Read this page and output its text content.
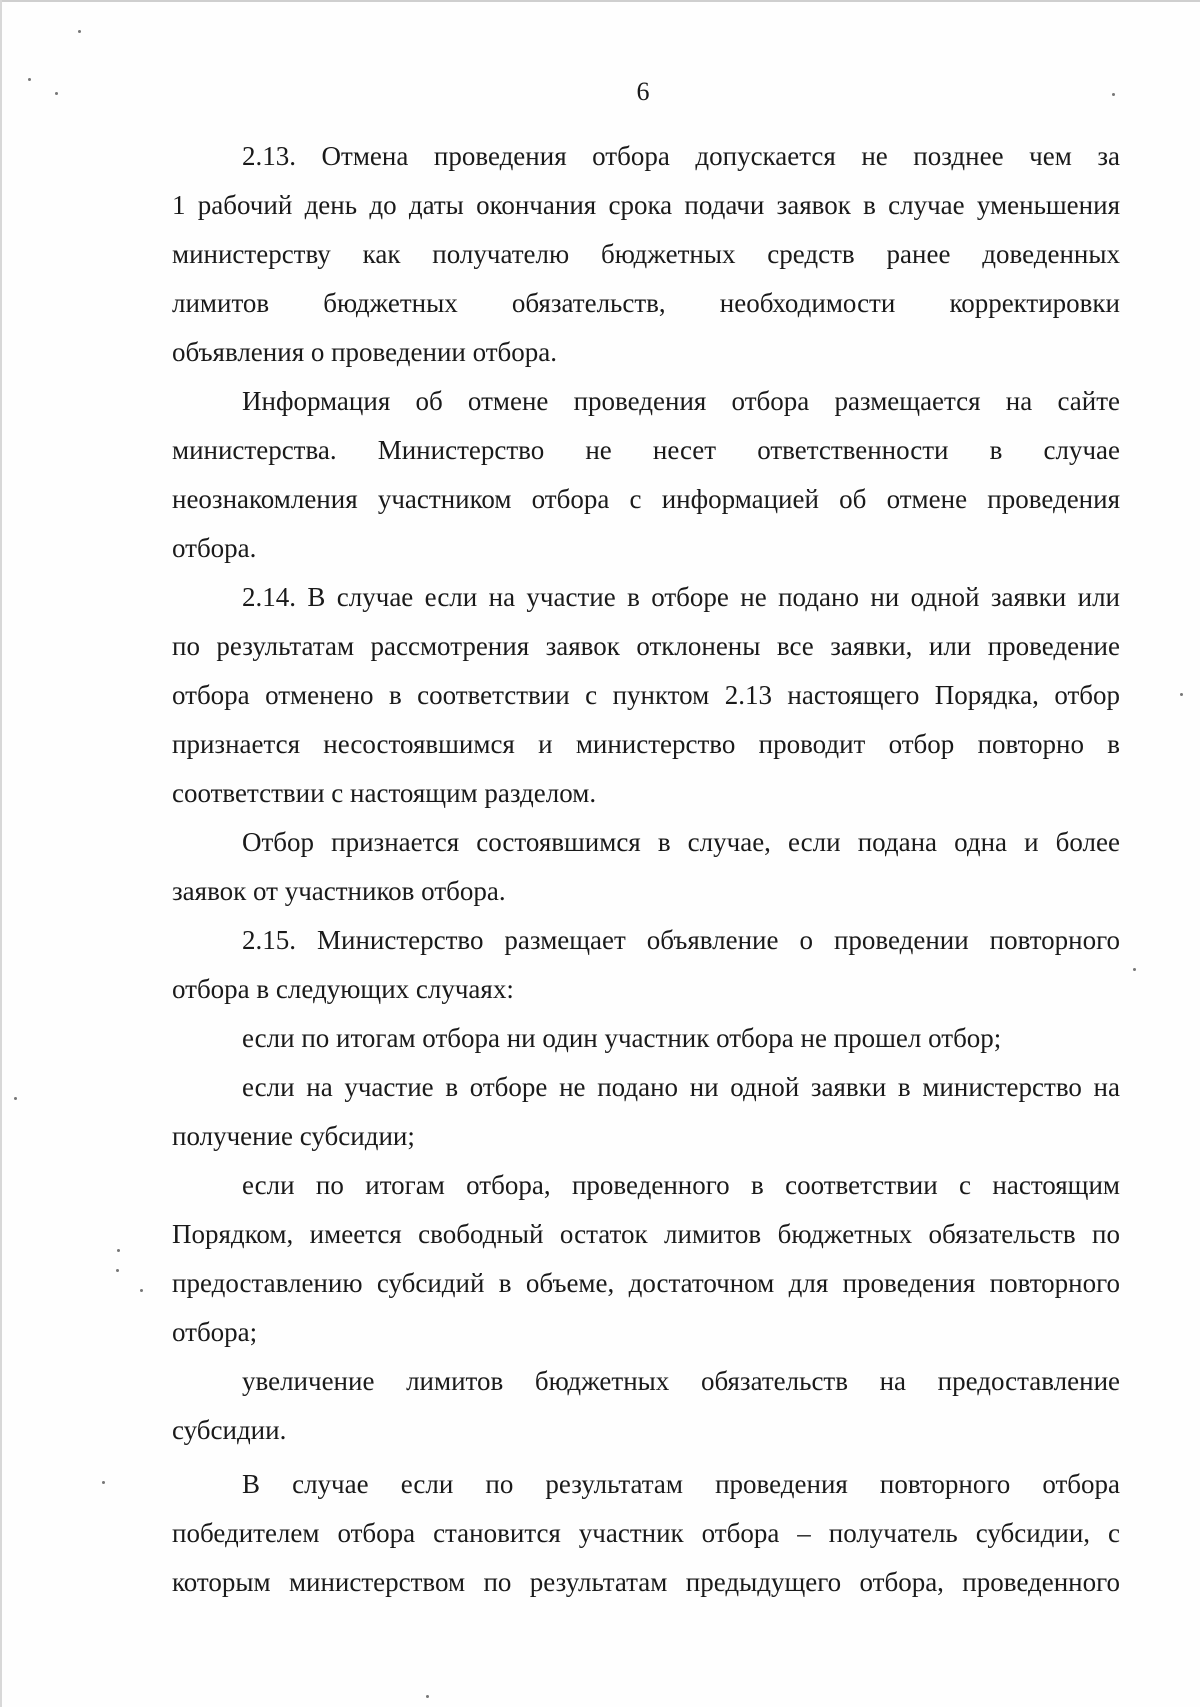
6
2.13. Отмена проведения отбора допускается не позднее чем за
1 рабочий день до даты окончания срока подачи заявок в случае уменьшения
министерству как получателю бюджетных средств ранее доведенных
лимитов бюджетных обязательств, необходимости корректировки
объявления о проведении отбора.
Информация об отмене проведения отбора размещается на сайте
министерства. Министерство не несет ответственности в случае
неознакомления участником отбора с информацией об отмене проведения
отбора.
2.14. В случае если на участие в отборе не подано ни одной заявки или
по результатам рассмотрения заявок отклонены все заявки, или проведение
отбора отменено в соответствии с пунктом 2.13 настоящего Порядка, отбор
признается несостоявшимся и министерство проводит отбор повторно в
соответствии с настоящим разделом.
Отбор признается состоявшимся в случае, если подана одна и более
заявок от участников отбора.
2.15. Министерство размещает объявление о проведении повторного
отбора в следующих случаях:
если по итогам отбора ни один участник отбора не прошел отбор;
если на участие в отборе не подано ни одной заявки в министерство на
получение субсидии;
если по итогам отбора, проведенного в соответствии с настоящим
Порядком, имеется свободный остаток лимитов бюджетных обязательств по
предоставлению субсидий в объеме, достаточном для проведения повторного
отбора;
увеличение лимитов бюджетных обязательств на предоставление
субсидии.
В случае если по результатам проведения повторного отбора
победителем отбора становится участник отбора – получатель субсидии, с
которым министерством по результатам предыдущего отбора, проведенного
